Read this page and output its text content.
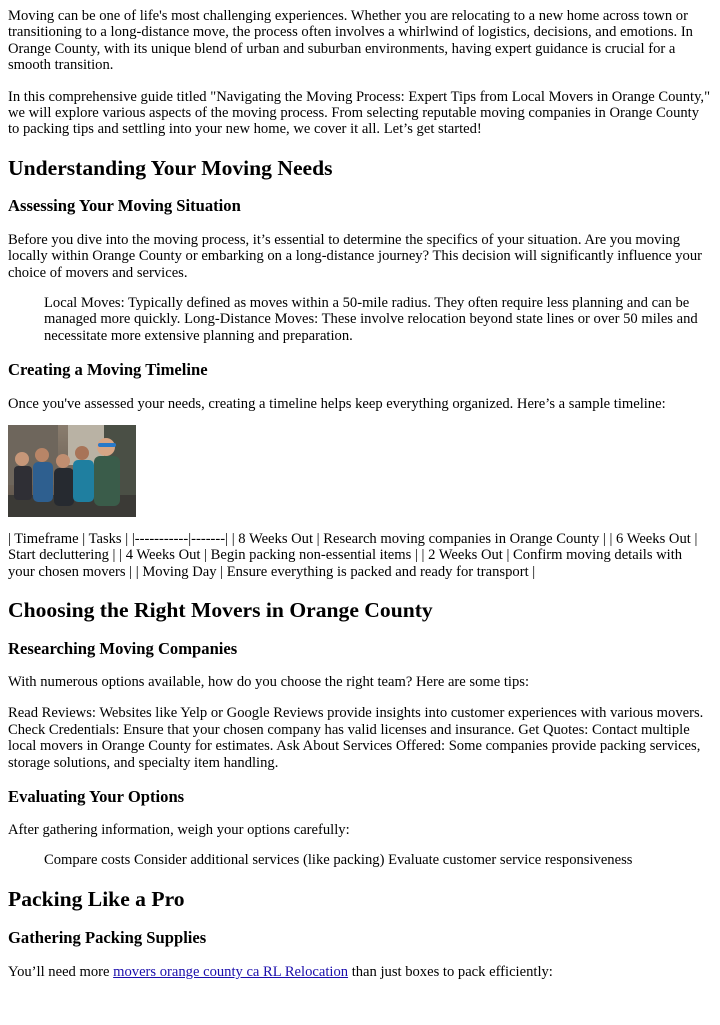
Moving can be one of life's most challenging experiences. Whether you are relocating to a new home across town or transitioning to a long-distance move, the process often involves a whirlwind of logistics, decisions, and emotions. In Orange County, with its unique blend of urban and suburban environments, having expert guidance is crucial for a smooth transition.

In this comprehensive guide titled "Navigating the Moving Process: Expert Tips from Local Movers in Orange County," we will explore various aspects of the moving process. From selecting reputable moving companies in Orange County to packing tips and settling into your new home, we cover it all. Let’s get started!

Understanding Your Moving Needs
Assessing Your Moving Situation

Before you dive into the moving process, it’s essential to determine the specifics of your situation. Are you moving locally within Orange County or embarking on a long-distance journey? This decision will significantly influence your choice of movers and services.

Local Moves: Typically defined as moves within a 50-mile radius. They often require less planning and can be managed more quickly. Long-Distance Moves: These involve relocation beyond state lines or over 50 miles and necessitate more extensive planning and preparation.
Creating a Moving Timeline

Once you've assessed your needs, creating a timeline helps keep everything organized. Here’s a sample timeline:

| Timeframe | Tasks | |-----------|-------| | 8 Weeks Out | Research moving companies in Orange County | | 6 Weeks Out | Start decluttering | | 4 Weeks Out | Begin packing non-essential items | | 2 Weeks Out | Confirm moving details with your chosen movers | | Moving Day | Ensure everything is packed and ready for transport |

Choosing the Right Movers in Orange County
Researching Moving Companies

With numerous options available, how do you choose the right team? Here are some tips:

Read Reviews: Websites like Yelp or Google Reviews provide insights into customer experiences with various movers. Check Credentials: Ensure that your chosen company has valid licenses and insurance. Get Quotes: Contact multiple local movers in Orange County for estimates. Ask About Services Offered: Some companies provide packing services, storage solutions, and specialty item handling.

Evaluating Your Options

After gathering information, weigh your options carefully:

Compare costs Consider additional services (like packing) Evaluate customer service responsiveness
Packing Like a Pro
Gathering Packing Supplies

You’ll need more movers orange county ca RL Relocation than just boxes to pack efficiently:
